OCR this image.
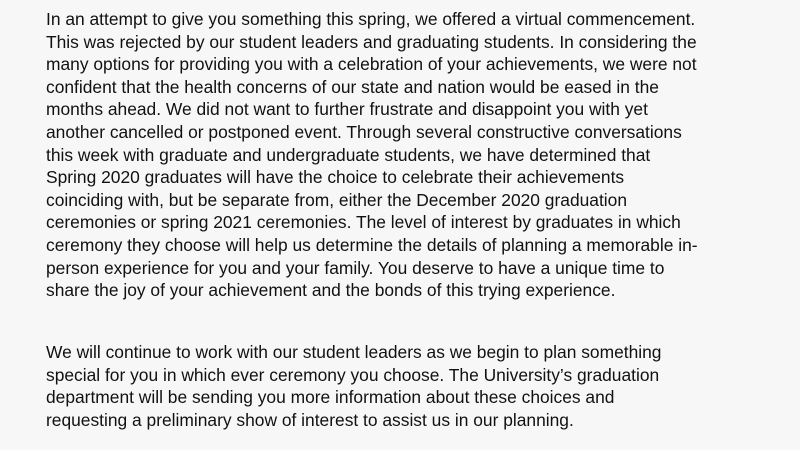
In an attempt to give you something this spring, we offered a virtual commencement.
This was rejected by our student leaders and graduating students. In considering the
many options for providing you with a celebration of your achievements, we were not
confident that the health concerns of our state and nation would be eased in the
months ahead. We did not want to further frustrate and disappoint you with yet
another cancelled or postponed event. Through several constructive conversations
this week with graduate and undergraduate students, we have determined that
Spring 2020 graduates will have the choice to celebrate their achievements
coinciding with, but be separate from, either the December 2020 graduation
ceremonies or spring 2021 ceremonies. The level of interest by graduates in which
ceremony they choose will help us determine the details of planning a memorable in-
person experience for you and your family. You deserve to have a unique time to
share the joy of your achievement and the bonds of this trying experience.
We will continue to work with our student leaders as we begin to plan something
special for you in which ever ceremony you choose. The University’s graduation
department will be sending you more information about these choices and
requesting a preliminary show of interest to assist us in our planning.
